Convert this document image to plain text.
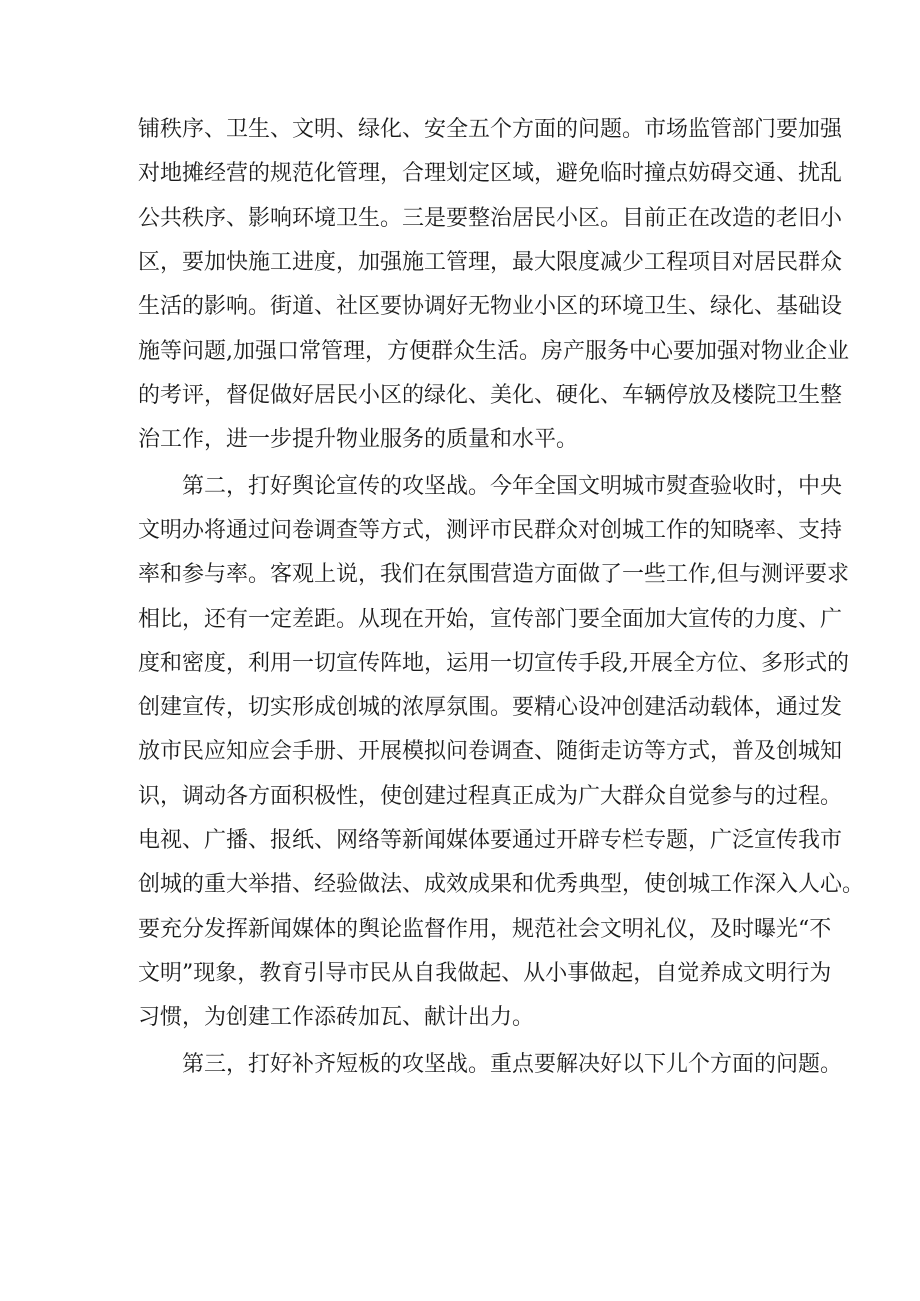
铺秩序、卫生、文明、绿化、安全五个方面的问题。市场监管部门要加强
对地摊经营的规范化管理，合理划定区域，避免临时撞点妨碍交通、扰乱
公共秩序、影响环境卫生。三是要整治居民小区。目前正在改造的老旧小
区，要加快施工进度，加强施工管理，最大限度减少工程项目对居民群众
生活的影响。街道、社区要协调好无物业小区的环境卫生、绿化、基础设
施等问题,加强口常管理，方便群众生活。房产服务中心要加强对物业企业
的考评，督促做好居民小区的绿化、美化、硬化、车辆停放及楼院卫生整
治工作，进一步提升物业服务的质量和水平。
第二，打好舆论宣传的攻坚战。今年全国文明城市熨查验收时，中央
文明办将通过问卷调查等方式，测评市民群众对创城工作的知晓率、支持
率和参与率。客观上说，我们在氛围营造方面做了一些工作,但与测评要求
相比，还有一定差距。从现在开始，宣传部门要全面加大宣传的力度、广
度和密度，利用一切宣传阵地，运用一切宣传手段,开展全方位、多形式的
创建宣传，切实形成创城的浓厚氛围。要精心设冲创建活动载体，通过发
放市民应知应会手册、开展模拟问卷调查、随街走访等方式，普及创城知
识，调动各方面积极性，使创建过程真正成为广大群众自觉参与的过程。
电视、广播、报纸、网络等新闻媒体要通过开辟专栏专题，广泛宣传我市
创城的重大举措、经验做法、成效成果和优秀典型，使创城工作深入人心。
要充分发挥新闻媒体的舆论监督作用，规范社会文明礼仪，及时曝光“不
文明”现象，教育引导市民从自我做起、从小事做起，自觉养成文明行为
习惯，为创建工作添砖加瓦、献计出力。
第三，打好补齐短板的攻坚战。重点要解决好以下儿个方面的问题。
